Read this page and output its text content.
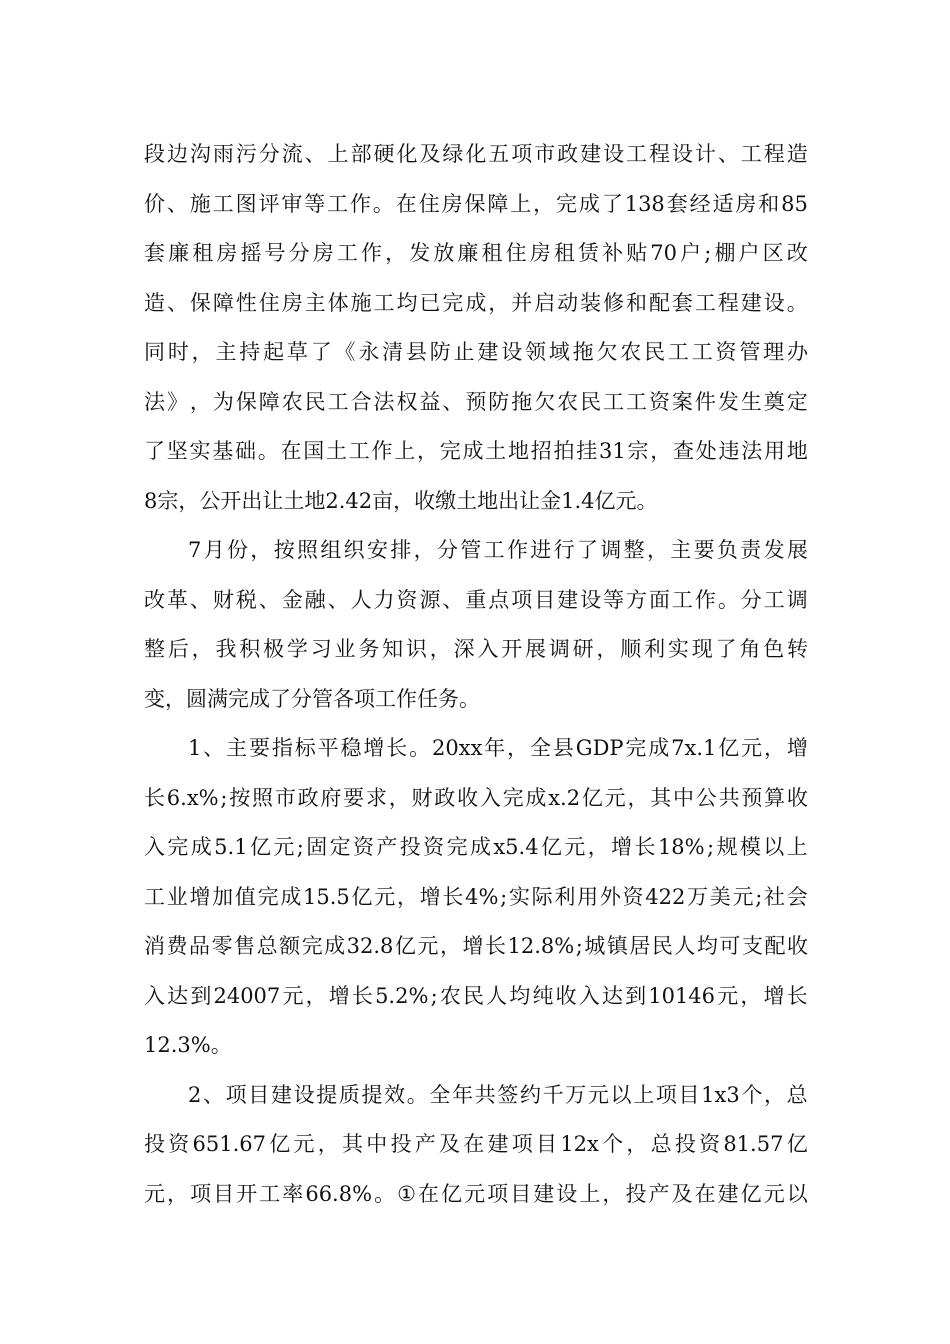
段 边 沟 雨 污 分 流 、 上 部 硬 化 及 绿 化 五 项 市 政 建 设 工 程 设 计 、 工 程 造
价 、 施 工 图 评 审 等 工 作 。 在 住 房 保 障 上 ， 完 成 了 138 套 经 适 房 和 85
套 廉 租 房 摇 号 分 房 工 作 ， 发 放 廉 租 住 房 租 赁 补 贴 70 户 ; 棚 户 区 改
造 、 保 障 性 住 房 主 体 施 工 均 已 完 成 ， 并 启 动 装 修 和 配 套 工 程 建 设 。
同 时 ， 主 持 起 草 了 《 永 清 县 防 止 建 设 领 域 拖 欠 农 民 工 工 资 管 理 办
法 》 ， 为 保 障 农 民 工 合 法 权 益 、 预 防 拖 欠 农 民 工 工 资 案 件 发 生 奠 定
了 坚 实 基 础 。 在 国 土 工 作 上 ， 完 成 土 地 招 拍 挂 31 宗 ， 查 处 违 法 用 地
8宗，公开出让土地2.42亩，收缴土地出让金1.4亿元。
7 月 份 ， 按 照 组 织 安 排 ， 分 管 工 作 进 行 了 调 整 ， 主 要 负 责 发 展
改 革 、 财 税 、 金 融 、 人 力 资 源 、 重 点 项 目 建 设 等 方 面 工 作 。 分 工 调
整 后 ， 我 积 极 学 习 业 务 知 识 ， 深 入 开 展 调 研 ， 顺 利 实 现 了 角 色 转
变，圆满完成了分管各项工作任务。
1 、 主 要 指 标 平 稳 增 长 。 20xx 年 ， 全 县 GDP 完 成 7x.1 亿 元 ， 增
长 6.x% ; 按 照 市 政 府 要 求 ， 财 政 收 入 完 成 x.2 亿 元 ， 其 中 公 共 预 算 收
入 完 成 5.1 亿 元 ; 固 定 资 产 投 资 完 成 x5.4 亿 元 ， 增 长 18% ; 规 模 以 上
工 业 增 加 值 完 成 15.5 亿 元 ， 增 长 4% ; 实 际 利 用 外 资 422 万 美 元 ; 社 会
消 费 品 零 售 总 额 完 成 32.8 亿 元 ， 增 长 12.8% ; 城 镇 居 民 人 均 可 支 配 收
入 达 到 24007 元 ， 增 长 5.2% ; 农 民 人 均 纯 收 入 达 到 10146 元 ， 增 长
12.3%。
2 、 项 目 建 设 提 质 提 效 。 全 年 共 签 约 千 万 元 以 上 项 目 1x3 个 ， 总
投 资 651.67 亿 元 ， 其 中 投 产 及 在 建 项 目 12x 个 ， 总 投 资 81.57 亿
元 ， 项 目 开 工 率 66.8% 。 ① 在 亿 元 项 目 建 设 上 ， 投 产 及 在 建 亿 元 以
